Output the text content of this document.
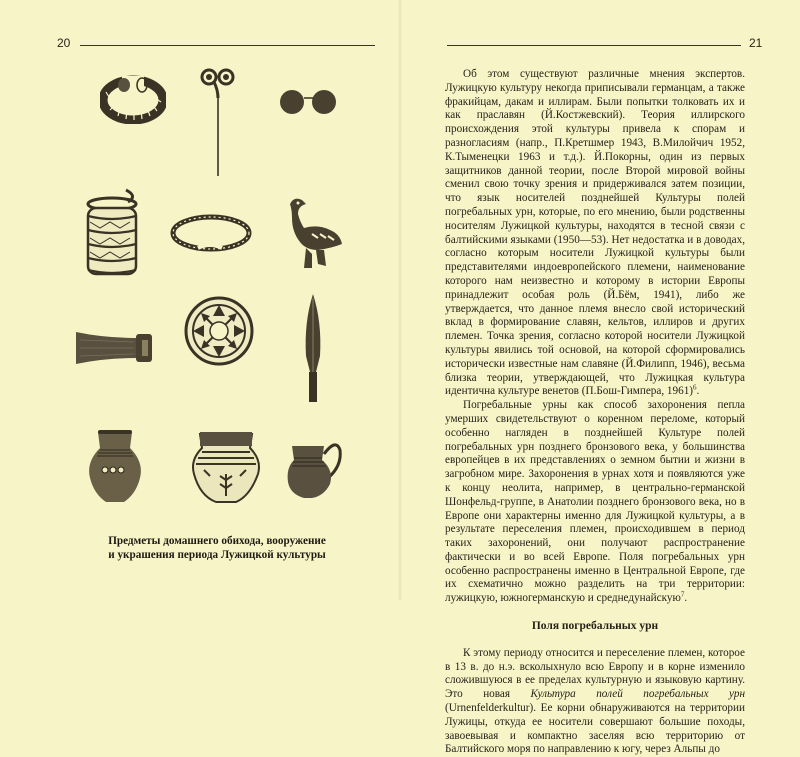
20
Предметы домашнего обихода, вооружение
и украшения периода Лужицкой культуры
21

Об этом существуют различные мнения экспертов. Лужицкую культуру некогда приписывали германцам, а также фракийцам, дакам и иллирам. Были попытки толковать их и как праславян (Й.Костжевский). Теория иллирского происхождения этой культуры привела к спорам и разногласиям (напр., П.Кретшмер 1943, В.Милойчич 1952, К.Тыменецки 1963 и т.д.). Й.Покорны, один из первых защитников данной теории, после Второй мировой войны сменил свою точку зрения и придерживался затем позиции, что язык носителей позднейшей Культуры полей погребальных урн, которые, по его мнению, были родственны носителям Лужицкой культуры, находятся в тесной связи с балтийскими языками (1950—53). Нет недостатка и в доводах, согласно которым носители Лужицкой культуры были представителями индоевропейского племени, наименование которого нам неизвестно и которому в истории Европы принадлежит особая роль (Й.Бём, 1941), либо же утверждается, что данное племя внесло свой исторический вклад в формирование славян, кельтов, иллиров и других племен. Точка зрения, согласно которой носители Лужицкой культуры явились той основой, на которой сформировались исторически известные нам славяне (Й.Филипп, 1946), весьма близка теории, утверждающей, что Лужицкая культура идентична культуре венетов (П.Бош-Гимпера, 1961)$^6$.

Погребальные урны как способ захоронения пепла умерших свидетельствуют о коренном переломе, который особенно нагляден в позднейшей Культуре полей погребальных урн позднего бронзового века, у большинства европейцев в их представлениях о земном бытии и жизни в загробном мире. Захоронения в урнах хотя и появляются уже к концу неолита, например, в центрально-германской Шонфельд-группе, в Анатолии позднего бронзового века, но в Европе они характерны именно для Лужицкой культуры, а в результате переселения племен, происходившем в период таких захоронений, они получают распространение фактически и во всей Европе. Поля погребальных урн особенно распространены именно в Центральной Европе, где их схематично можно разделить на три территории: лужицкую, южногерманскую и среднедунайскую$^7$.

Поля погребальных урн

К этому периоду относится и переселение племен, которое в 13 в. до н.э. всколыхнуло всю Европу и в корне изменило сложившуюся в ее пределах культурную и языковую картину. Это новая Культура полей погребальных урн (Urnenfelderkultur). Ее корни обнаруживаются на территории Лужицы, откуда ее носители совершают большие походы, завоевывая и компактно заселяя всю территорию от Балтийского моря по направлению к югу, через Альпы до
